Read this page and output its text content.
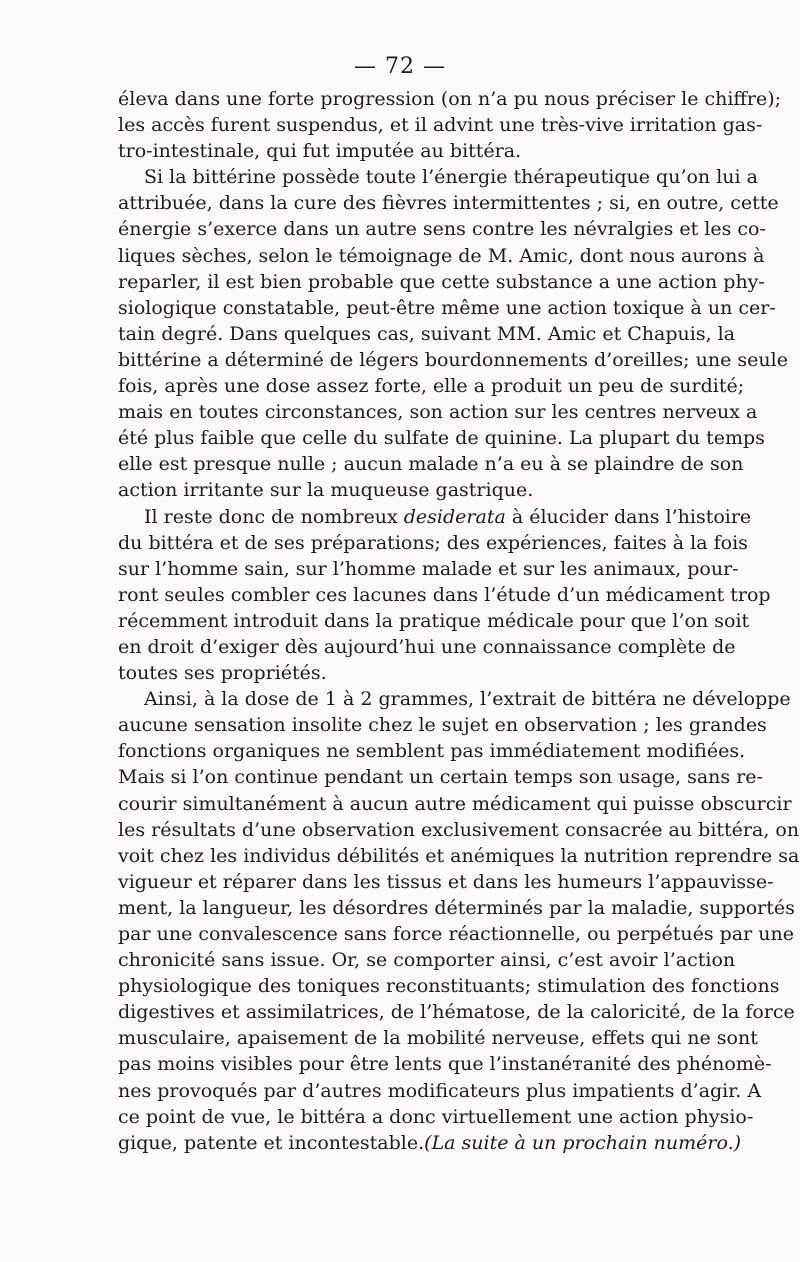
— 72 —
éleva dans une forte progression (on n’a pu nous préciser le chiffre);
les accès furent suspendus, et il advint une très-vive irritation gas-
tro-intestinale, qui fut imputée au bittéra.
Si la bittérine possède toute l’énergie thérapeutique qu’on lui a
attribuée, dans la cure des fièvres intermittentes ; si, en outre, cette
énergie s’exerce dans un autre sens contre les névralgies et les co-
liques sèches, selon le témoignage de M. Amic, dont nous aurons à
reparler, il est bien probable que cette substance a une action phy-
siologique constatable, peut-être même une action toxique à un cer-
tain degré. Dans quelques cas, suivant MM. Amic et Chapuis, la
bittérine a déterminé de légers bourdonnements d’oreilles; une seule
fois, après une dose assez forte, elle a produit un peu de surdité;
mais en toutes circonstances, son action sur les centres nerveux a
été plus faible que celle du sulfate de quinine. La plupart du temps
elle est presque nulle ; aucun malade n’a eu à se plaindre de son
action irritante sur la muqueuse gastrique.
Il reste donc de nombreux desiderata à élucider dans l’histoire
du bittéra et de ses préparations; des expériences, faites à la fois
sur l’homme sain, sur l’homme malade et sur les animaux, pour-
ront seules combler ces lacunes dans l’étude d’un médicament trop
récemment introduit dans la pratique médicale pour que l’on soit
en droit d’exiger dès aujourd’hui une connaissance complète de
toutes ses propriétés.
Ainsi, à la dose de 1 à 2 grammes, l’extrait de bittéra ne développe
aucune sensation insolite chez le sujet en observation ; les grandes
fonctions organiques ne semblent pas immédiatement modifiées.
Mais si l’on continue pendant un certain temps son usage, sans re-
courir simultanément à aucun autre médicament qui puisse obscurcir
les résultats d’une observation exclusivement consacrée au bittéra, on
voit chez les individus débilités et anémiques la nutrition reprendre sa
vigueur et réparer dans les tissus et dans les humeurs l’appauvisse-
ment, la langueur, les désordres déterminés par la maladie, supportés
par une convalescence sans force réactionnelle, ou perpétués par une
chronicité sans issue. Or, se comporter ainsi, c’est avoir l’action
physiologique des toniques reconstituants; stimulation des fonctions
digestives et assimilatrices, de l’hématose, de la caloricité, de la force
musculaire, apaisement de la mobilité nerveuse, effets qui ne sont
pas moins visibles pour être lents que l’instanéтanité des phénomè-
nes provoqués par d’autres modificateurs plus impatients d’agir. A
ce point de vue, le bittéra a donc virtuellement une action physio-
gique, patente et incontestable. (La suite à un prochain numéro.)
